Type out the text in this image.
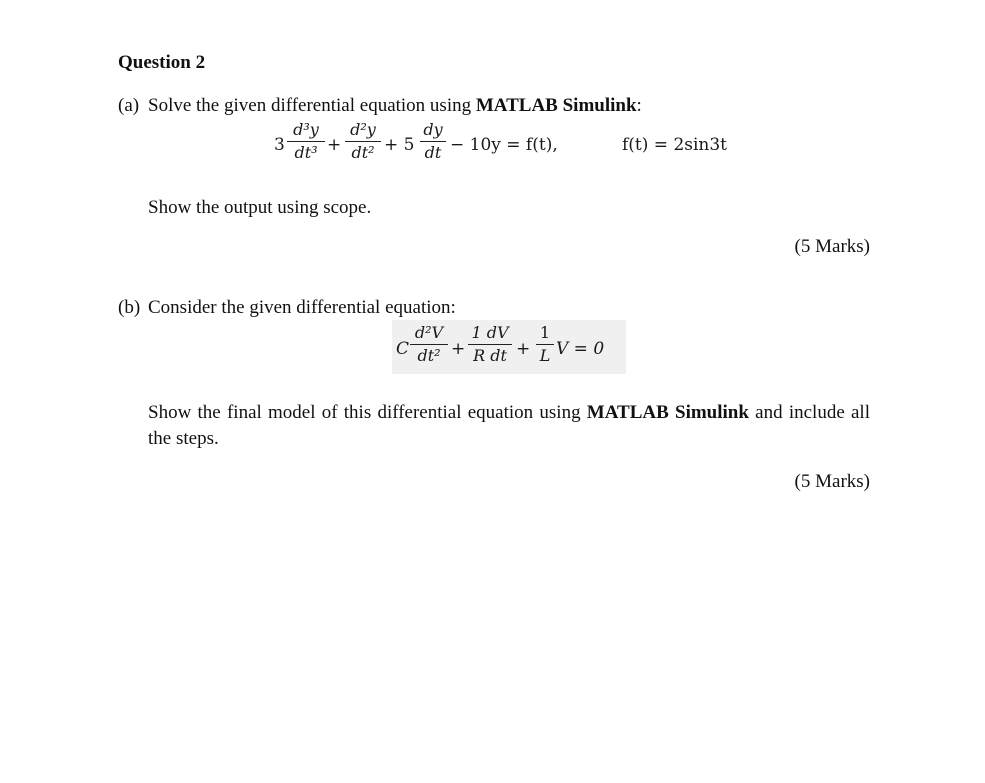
Question 2
(a) Solve the given differential equation using MATLAB Simulink:
3
d³y
dt³ +
d²y
dt² + 5
dy
dt − 10y = f(t),	f(t) = 2sin3t
Show the output using scope.
(5 Marks)
(b) Consider the given differential equation:
C
d²V
dt² +
1 dV
R dt +
1
L V = 0
Show the final model of this differential equation using MATLAB Simulink and include all the steps.
(5 Marks)
